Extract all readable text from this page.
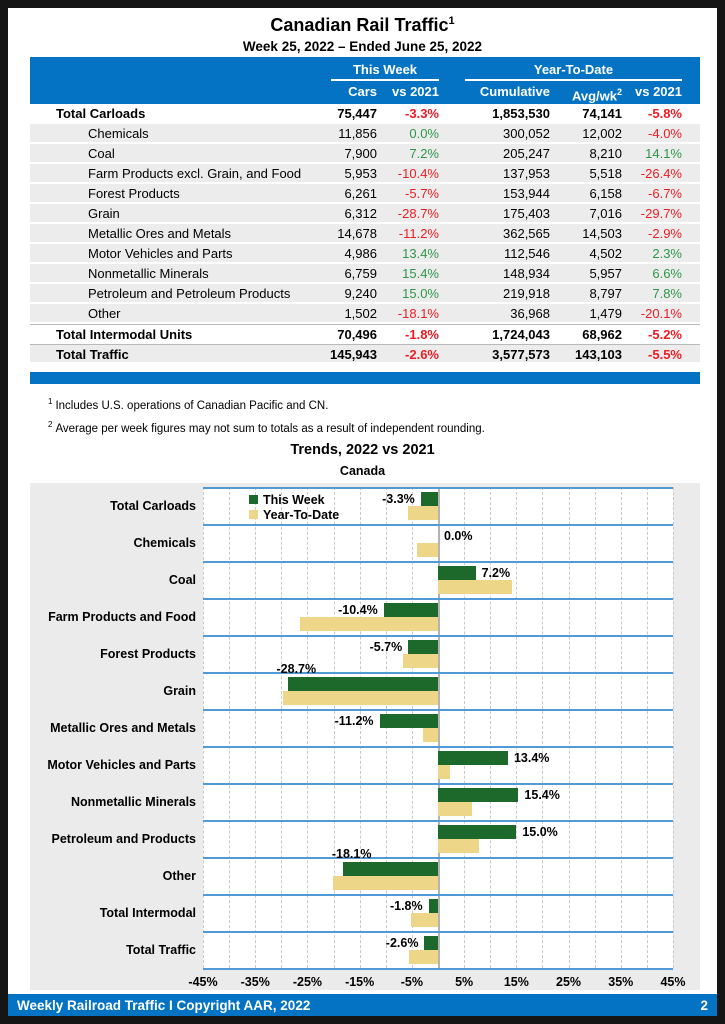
Canadian Rail Traffic$^1$
Week 25, 2022 – Ended June 25, 2022
This Week	Year-To-Date
Cars	vs 2021	Cumulative	Avg/$wk^2$	vs 2021
Total Carloads	75,447	-3.3%	1,853,530	74,141	-5.8%
Chemicals	11,856	0.0%	300,052	12,002	-4.0%
Coal	7,900	7.2%	205,247	8,210	14.1%
Farm Products excl. Grain, and Food	5,953	-10.4%	137,953	5,518	-26.4%
Forest Products	6,261	-5.7%	153,944	6,158	-6.7%
Grain	6,312	-28.7%	175,403	7,016	-29.7%
Metallic Ores and Metals	14,678	-11.2%	362,565	14,503	-2.9%
Motor Vehicles and Parts	4,986	13.4%	112,546	4,502	2.3%
Nonmetallic Minerals	6,759	15.4%	148,934	5,957	6.6%
Petroleum and Petroleum Products	9,240	15.0%	219,918	8,797	7.8%
Other	1,502	-18.1%	36,968	1,479	-20.1%
Total Intermodal Units	70,496	-1.8%	1,724,043	68,962	-5.2%
Total Traffic	145,943	-2.6%	3,577,573	143,103	-5.5%
$^1$ Includes U.S. operations of Canadian Pacific and CN.
$^2$ Average per week figures may not sum to totals as a result of independent rounding.
Trends, 2022 vs 2021
Canada
Total Carloads
Chemicals
Coal
Farm Products and Food
Forest Products
Grain
Metallic Ores and Metals
Motor Vehicles and Parts
Nonmetallic Minerals
Petroleum and Products
Other
Total Intermodal
Total Traffic
-3.3%
0.0%
7.2%
-10.4%
-5.7%
-28.7%
-11.2%
13.4%
15.4%
15.0%
-18.1%
-1.8%
-2.6%
This Week
Year-To-Date
-45% -35% -25% -15% -5%	5% 15% 25% 35% 45%
Weekly Railroad Traffic I Copyright AAR, 2022	2
